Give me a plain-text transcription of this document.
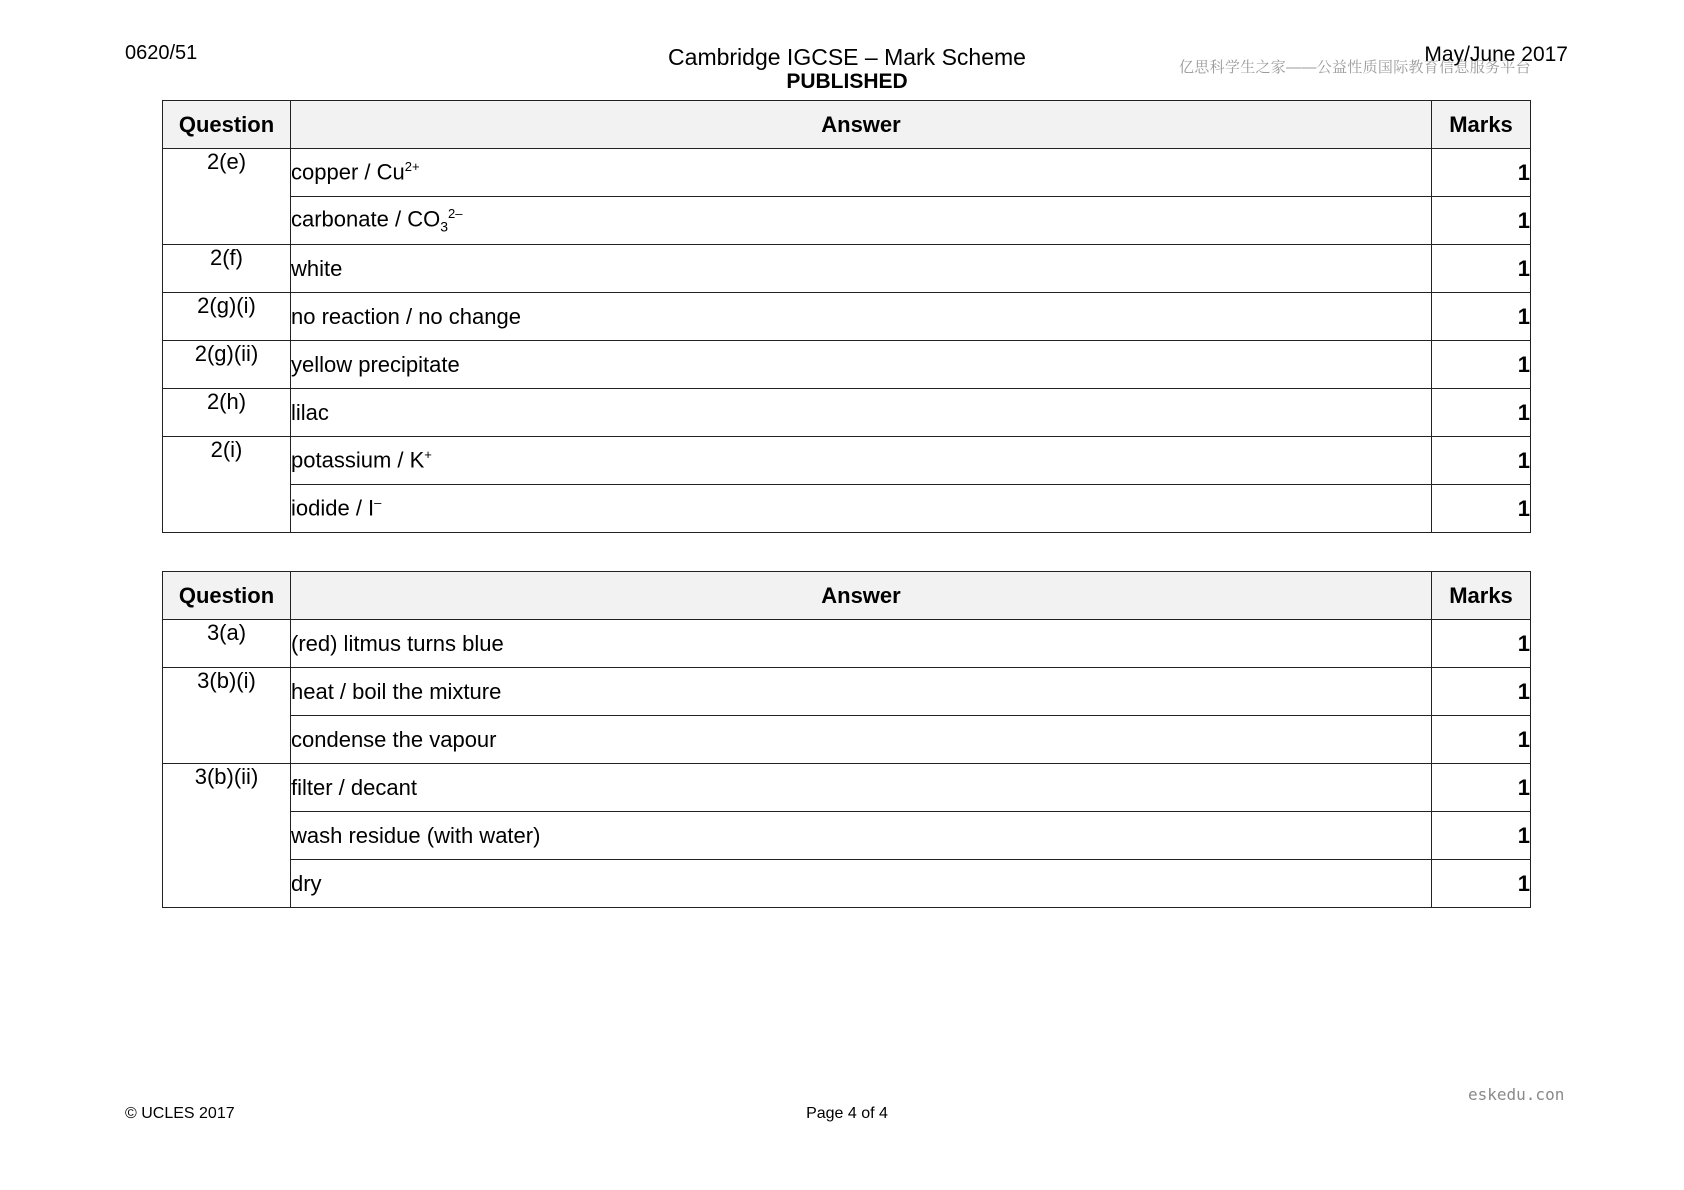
0620/51	Cambridge IGCSE – Mark Scheme
PUBLISHED
亿思科学生之家——公益性质国际教育信息服务平台
May/June 2017
Question	Answer	Marks
2(e)	copper / $Cu^{2+}$	1
	carbonate / $CO_3^{2-}$	1
2(f)	white	1
2(g)(i)	no reaction / no change	1
2(g)(ii)	yellow precipitate	1
2(h)	lilac	1
2(i)	potassium / K+	1
	iodide / I–	1
Question	Answer	Marks
3(a)	(red) litmus turns blue	1
3(b)(i)	heat / boil the mixture	1
	condense the vapour	1
3(b)(ii)	filter / decant	1
	wash residue (with water)	1
	dry	1
eskedu.con
© UCLES 2017	Page 4 of 4
